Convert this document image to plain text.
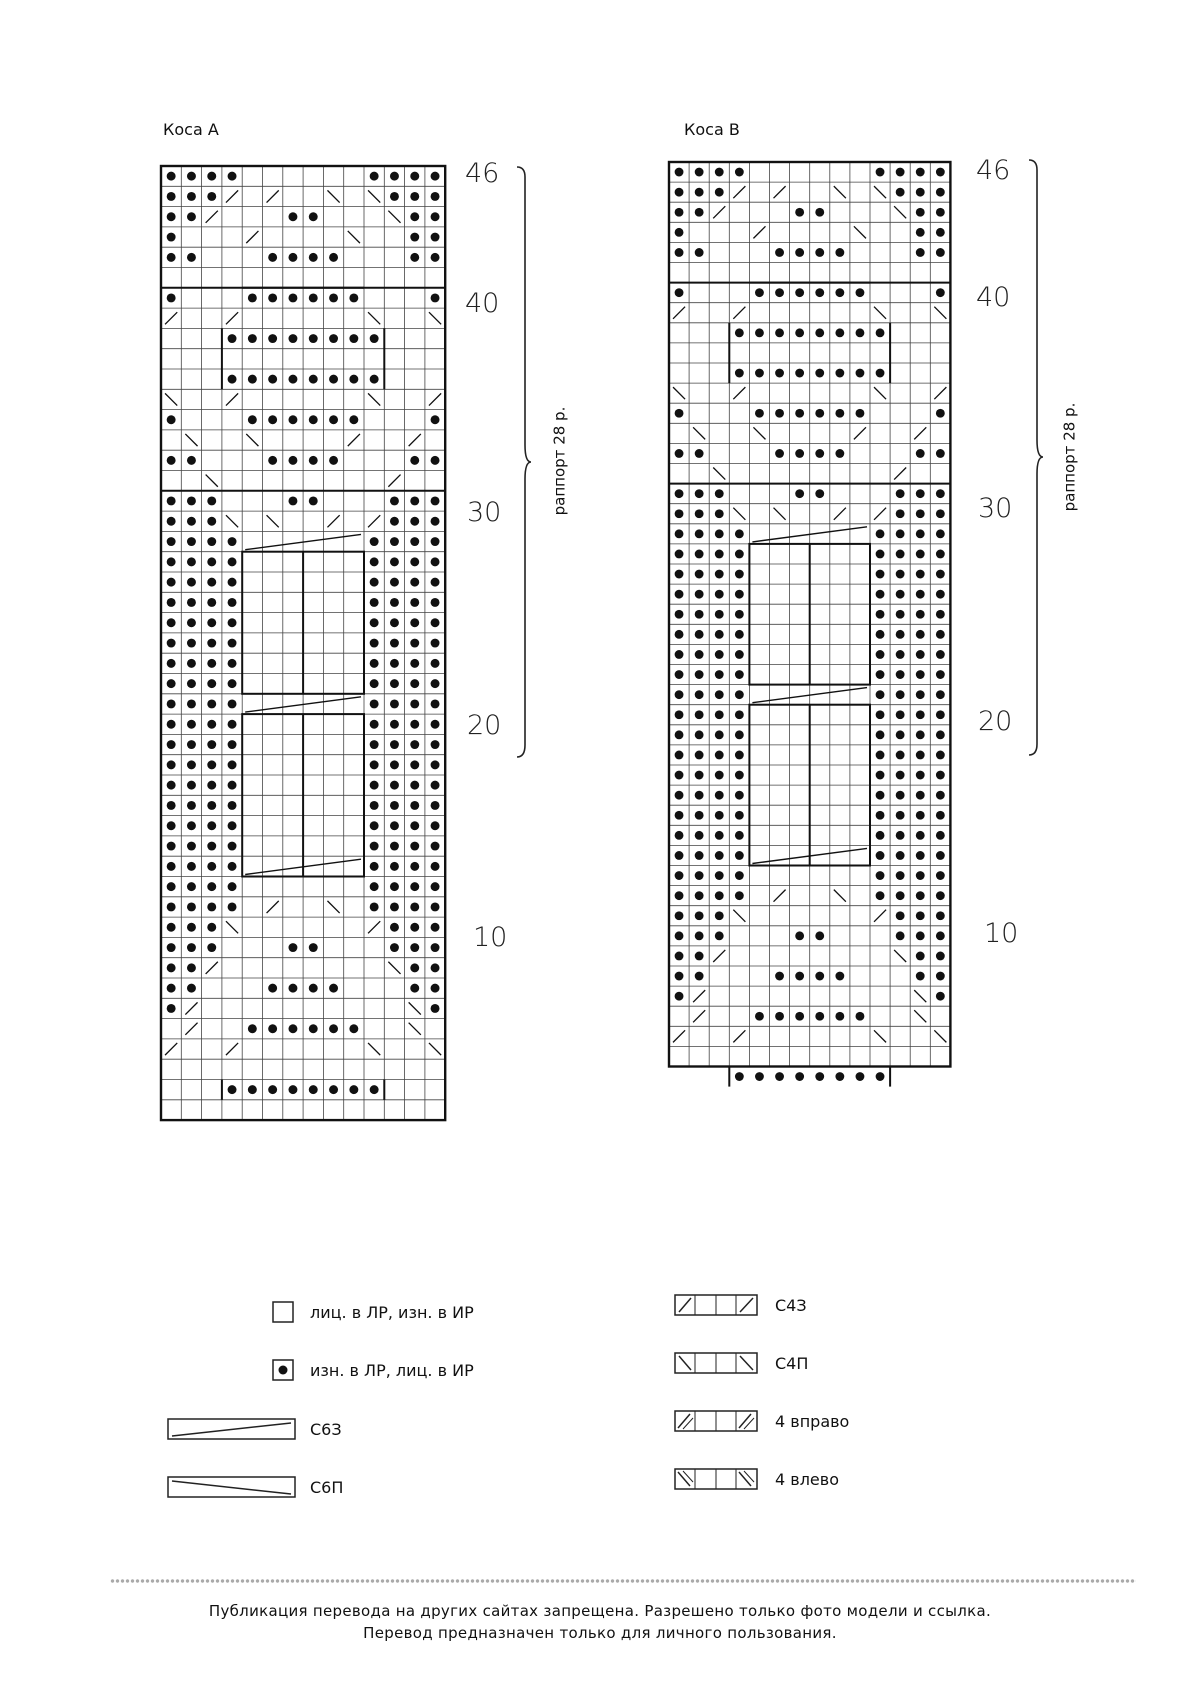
Коса А
46
40
30
20
10
раппорт 28 р.
Коса В
46
40
30
20
10
раппорт 28 р.
лиц. в ЛР, изн. в ИР
изн. в ЛР, лиц. в ИР
С6З
С6П
С4З
С4П
4 вправо
4 влево
Публикация перевода на других сайтах запрещена. Разрешено только фото модели и ссылка.
Перевод предназначен только для личного пользования.
